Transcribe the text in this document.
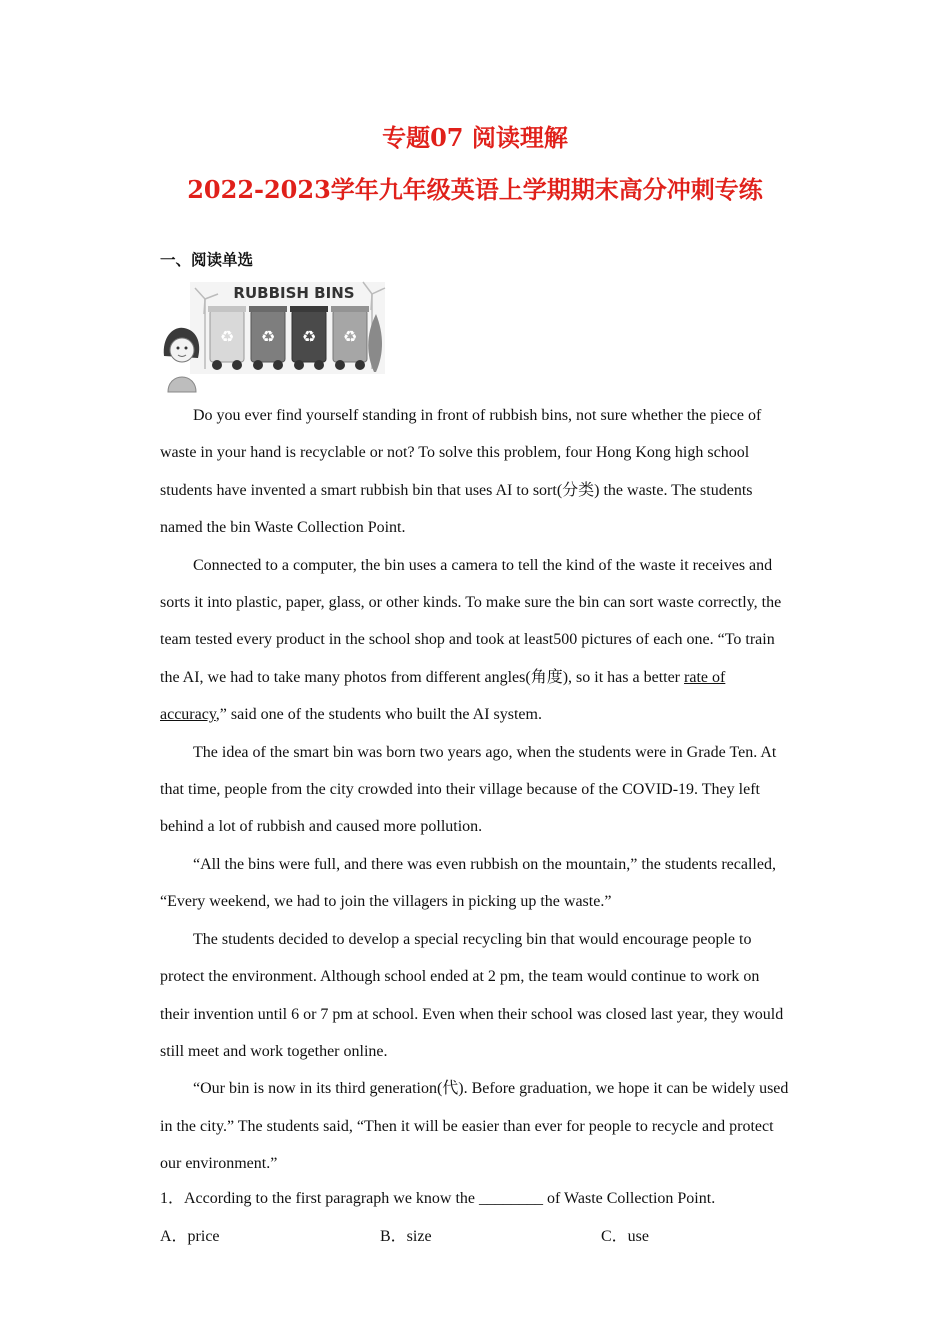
专题07 阅读理解
2022-2023学年九年级英语上学期期末高分冲刺专练
一、阅读单选
RUBBISH BINS
♻ ♻ ♻ ♻

Do you ever find yourself standing in front of rubbish bins, not sure whether the piece of waste in your hand is recyclable or not? To solve this problem, four Hong Kong high school students have invented a smart rubbish bin that uses AI to sort(分类) the waste. The students named the bin Waste Collection Point.

Connected to a computer, the bin uses a camera to tell the kind of the waste it receives and sorts it into plastic, paper, glass, or other kinds. To make sure the bin can sort waste correctly, the team tested every product in the school shop and took at least500 pictures of each one. “To train the AI, we had to take many photos from different angles(角度), so it has a better rate of accuracy,” said one of the students who built the AI system.

The idea of the smart bin was born two years ago, when the students were in Grade Ten. At that time, people from the city crowded into their village because of the COVID-19. They left behind a lot of rubbish and caused more pollution.

“All the bins were full, and there was even rubbish on the mountain,” the students recalled, “Every weekend, we had to join the villagers in picking up the waste.”

The students decided to develop a special recycling bin that would encourage people to protect the environment. Although school ended at 2 pm, the team would continue to work on their invention until 6 or 7 pm at school. Even when their school was closed last year, they would still meet and work together online.

“Our bin is now in its third generation(代). Before graduation, we hope it can be widely used in the city.” The students said, “Then it will be easier than ever for people to recycle and protect our environment.”

1．According to the first paragraph we know the ________ of Waste Collection Point.
A．price	B．size	C．use
